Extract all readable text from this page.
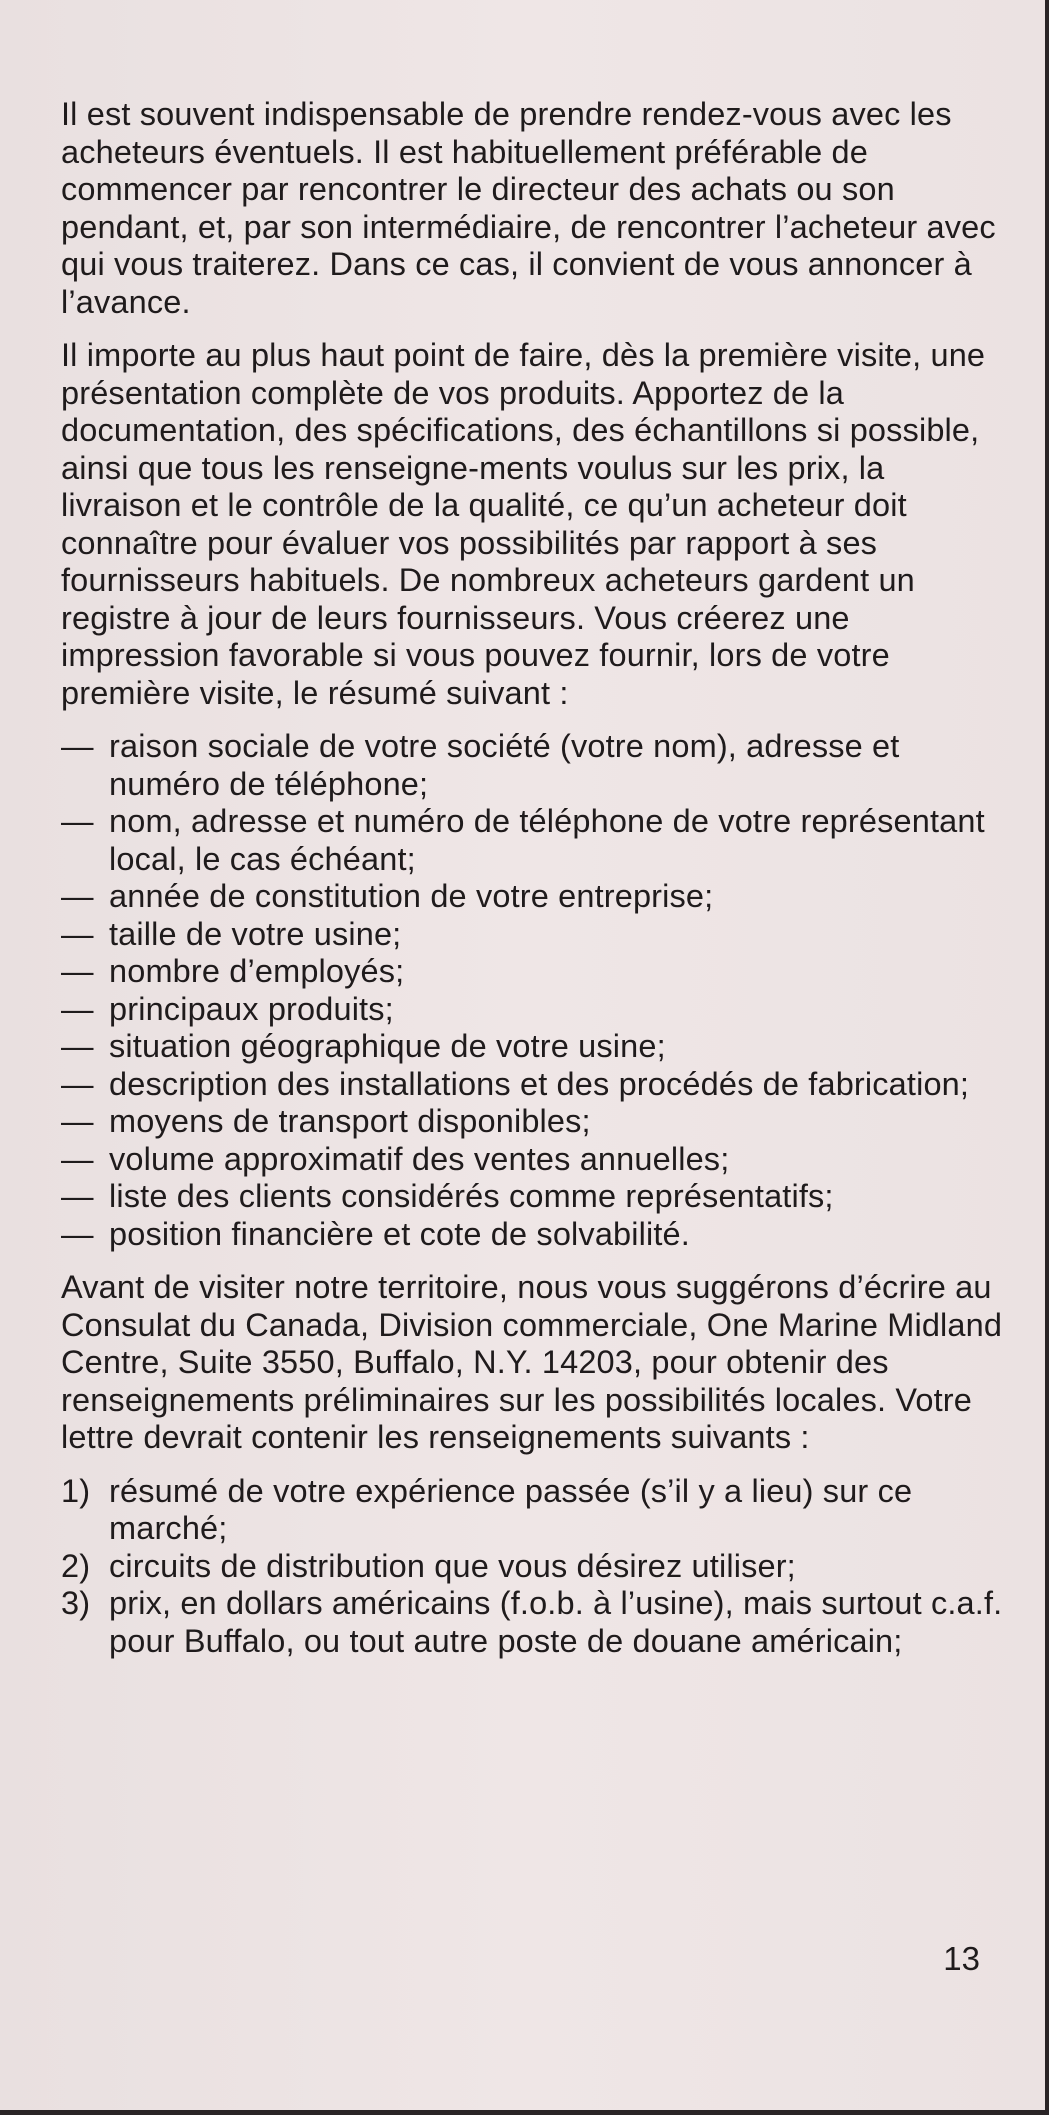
Il est souvent indispensable de prendre rendez-vous avec les acheteurs éventuels. Il est habituellement préférable de commencer par rencontrer le directeur des achats ou son pendant, et, par son intermédiaire, de rencontrer l’acheteur avec qui vous traiterez. Dans ce cas, il convient de vous annoncer à l’avance.

Il importe au plus haut point de faire, dès la première visite, une présentation complète de vos produits. Apportez de la documentation, des spécifications, des échantillons si possible, ainsi que tous les renseigne-ments voulus sur les prix, la livraison et le contrôle de la qualité, ce qu’un acheteur doit connaître pour évaluer vos possibilités par rapport à ses fournisseurs habituels. De nombreux acheteurs gardent un registre à jour de leurs fournisseurs. Vous créerez une impression favorable si vous pouvez fournir, lors de votre première visite, le résumé suivant :

— raison sociale de votre société (votre nom), adresse et numéro de téléphone;
— nom, adresse et numéro de téléphone de votre représentant local, le cas échéant;
— année de constitution de votre entreprise;
— taille de votre usine;
— nombre d’employés;
— principaux produits;
— situation géographique de votre usine;
— description des installations et des procédés de fabrication;
— moyens de transport disponibles;
— volume approximatif des ventes annuelles;
— liste des clients considérés comme représentatifs;
— position financière et cote de solvabilité.

Avant de visiter notre territoire, nous vous suggérons d’écrire au Consulat du Canada, Division commerciale, One Marine Midland Centre, Suite 3550, Buffalo, N.Y. 14203, pour obtenir des renseignements préliminaires sur les possibilités locales. Votre lettre devrait contenir les renseignements suivants :

1) résumé de votre expérience passée (s’il y a lieu) sur ce marché;
2) circuits de distribution que vous désirez utiliser;
3) prix, en dollars américains (f.o.b. à l’usine), mais surtout c.a.f. pour Buffalo, ou tout autre poste de douane américain;
13
